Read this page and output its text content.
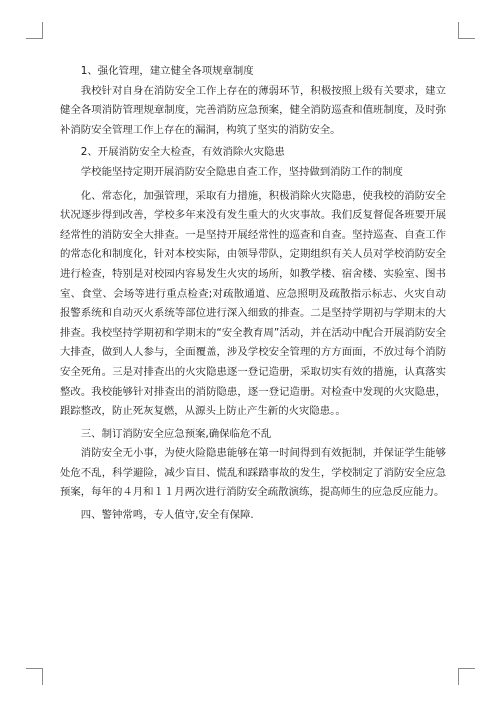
1、强化管理，建立健全各项规章制度

我校针对自身在消防安全工作上存在的薄弱环节，积极按照上级有关要求，建立健全各项消防管理规章制度，完善消防应急预案，健全消防巡查和值班制度，及时弥补消防安全管理工作上存在的漏洞，构筑了坚实的消防安全。

2、开展消防安全大检查，有效消除火灾隐患

学校能坚持定期开展消防安全隐患自查工作，坚持做到消防工作的制度

化、常态化，加强管理，采取有力措施，积极消除火灾隐患，使我校的消防安全状况逐步得到改善，学校多年来没有发生重大的火灾事故。我们反复督促各班要开展经常性的消防安全大排查。一是坚持开展经常性的巡查和自查。坚持巡查、自查工作的常态化和制度化，针对本校实际，由领导带队，定期组织有关人员对学校消防安全进行检查，特别是对校园内容易发生火灾的场所，如教学楼、宿舍楼、实验室、图书室、食堂、会场等进行重点检查;对疏散通道、应急照明及疏散指示标志、火灾自动报警系统和自动灭火系统等部位进行深入细致的排查。二是坚持学期初与学期末的大排查。我校坚持学期初和学期末的“安全教育周”活动，并在活动中配合开展消防安全大排查，做到人人参与，全面覆盖，涉及学校安全管理的方方面面，不放过每个消防安全死角。三是对排查出的火灾隐患逐一登记造册，采取切实有效的措施，认真落实整改。我校能够针对排查出的消防隐患，逐一登记造册。对检查中发现的火灾隐患，跟踪整改，防止死灰复燃，从源头上防止产生新的火灾隐患。。

三、制订消防安全应急预案,确保临危不乱

消防安全无小事，为使火险隐患能够在第一时间得到有效扼制，并保证学生能够处危不乱，科学避险，减少盲目、慌乱和踩踏事故的发生，学校制定了消防安全应急预案，每年的４月和１１月两次进行消防安全疏散演练，提高师生的应急反应能力。

四、警钟常鸣，专人值守,安全有保障.
